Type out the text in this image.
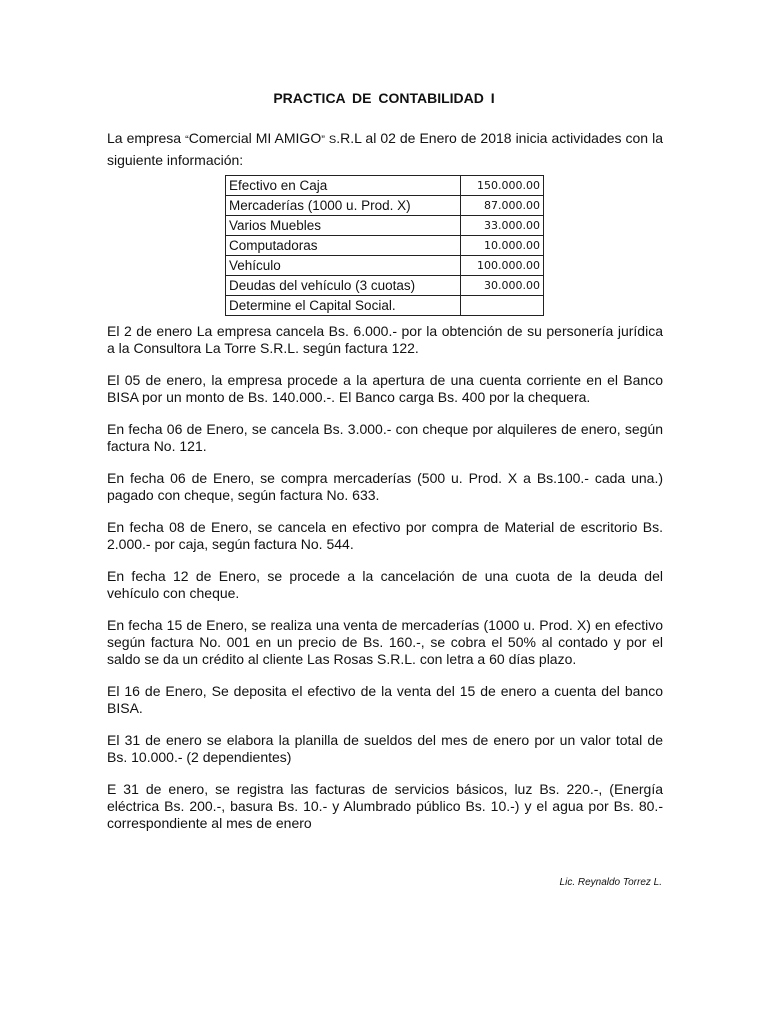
PRACTICA DE CONTABILIDAD I
La empresa “Comercial MI AMIGO” S.R.L al 02 de Enero de 2018 inicia actividades con la siguiente información:
Efectivo en Caja	150.000.00
Mercaderías (1000 u. Prod. X)	87.000.00
Varios Muebles	33.000.00
Computadoras	10.000.00
Vehículo	100.000.00
Deudas del vehículo (3 cuotas)	30.000.00
Determine el Capital Social.	

El 2 de enero La empresa cancela Bs. 6.000.- por la obtención de su personería jurídica a la Consultora La Torre S.R.L. según factura 122.

El 05 de enero, la empresa procede a la apertura de una cuenta corriente en el Banco BISA por un monto de Bs. 140.000.-. El Banco carga Bs. 400 por la chequera.

En fecha 06 de Enero, se cancela Bs. 3.000.- con cheque por alquileres de enero, según factura No. 121.

En fecha 06 de Enero, se compra mercaderías (500 u. Prod. X a Bs.100.- cada una.) pagado con cheque, según factura No. 633.

En fecha 08 de Enero, se cancela en efectivo por compra de Material de escritorio Bs. 2.000.- por caja, según factura No. 544.

En fecha 12 de Enero, se procede a la cancelación de una cuota de la deuda del vehículo con cheque.

En fecha 15 de Enero, se realiza una venta de mercaderías (1000 u. Prod. X) en efectivo según factura No. 001 en un precio de Bs. 160.-, se cobra el 50% al contado y por el saldo se da un crédito al cliente Las Rosas S.R.L. con letra a 60 días plazo.

El 16 de Enero, Se deposita el efectivo de la venta del 15 de enero a cuenta del banco BISA.

El 31 de enero se elabora la planilla de sueldos del mes de enero por un valor total de Bs. 10.000.- (2 dependientes)

E 31 de enero, se registra las facturas de servicios básicos, luz Bs. 220.-, (Energía eléctrica Bs. 200.-, basura Bs. 10.- y Alumbrado público Bs. 10.-) y el agua por Bs. 80.- correspondiente al mes de enero

Lic. Reynaldo Torrez L.
